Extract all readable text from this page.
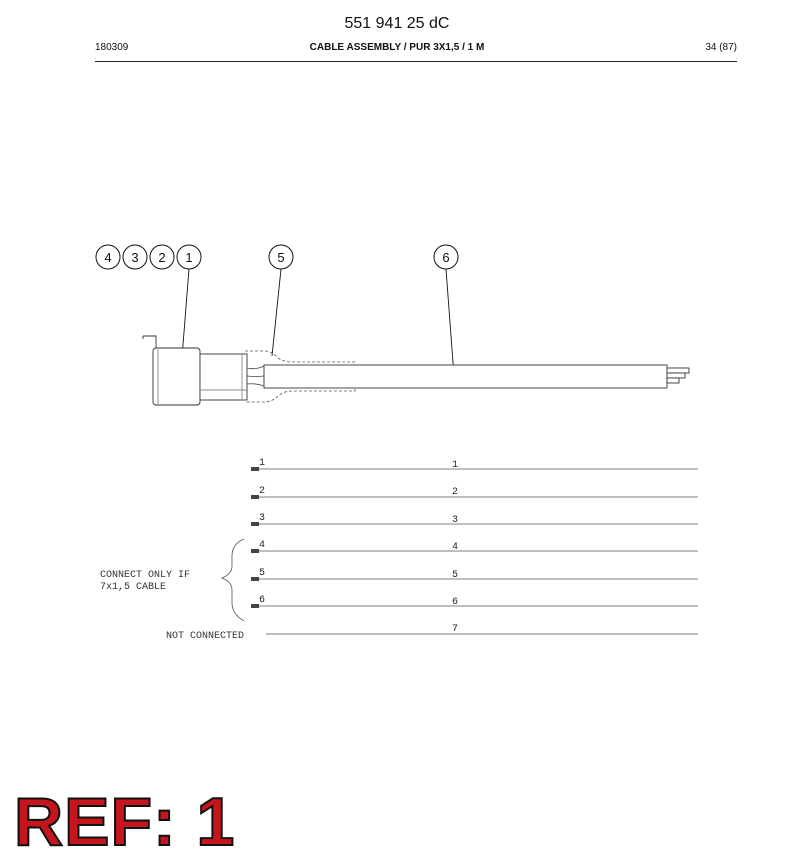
551 941 25 dC
180309	CABLE ASSEMBLY / PUR 3X1,5 / 1 M	34 (87)
4 3 2 1	5	6
1
2
3
4
5
6
1
2
3
4
5
6
7
CONNECT ONLY IF
7x1,5 CABLE
NOT CONNECTED
REF: 1
